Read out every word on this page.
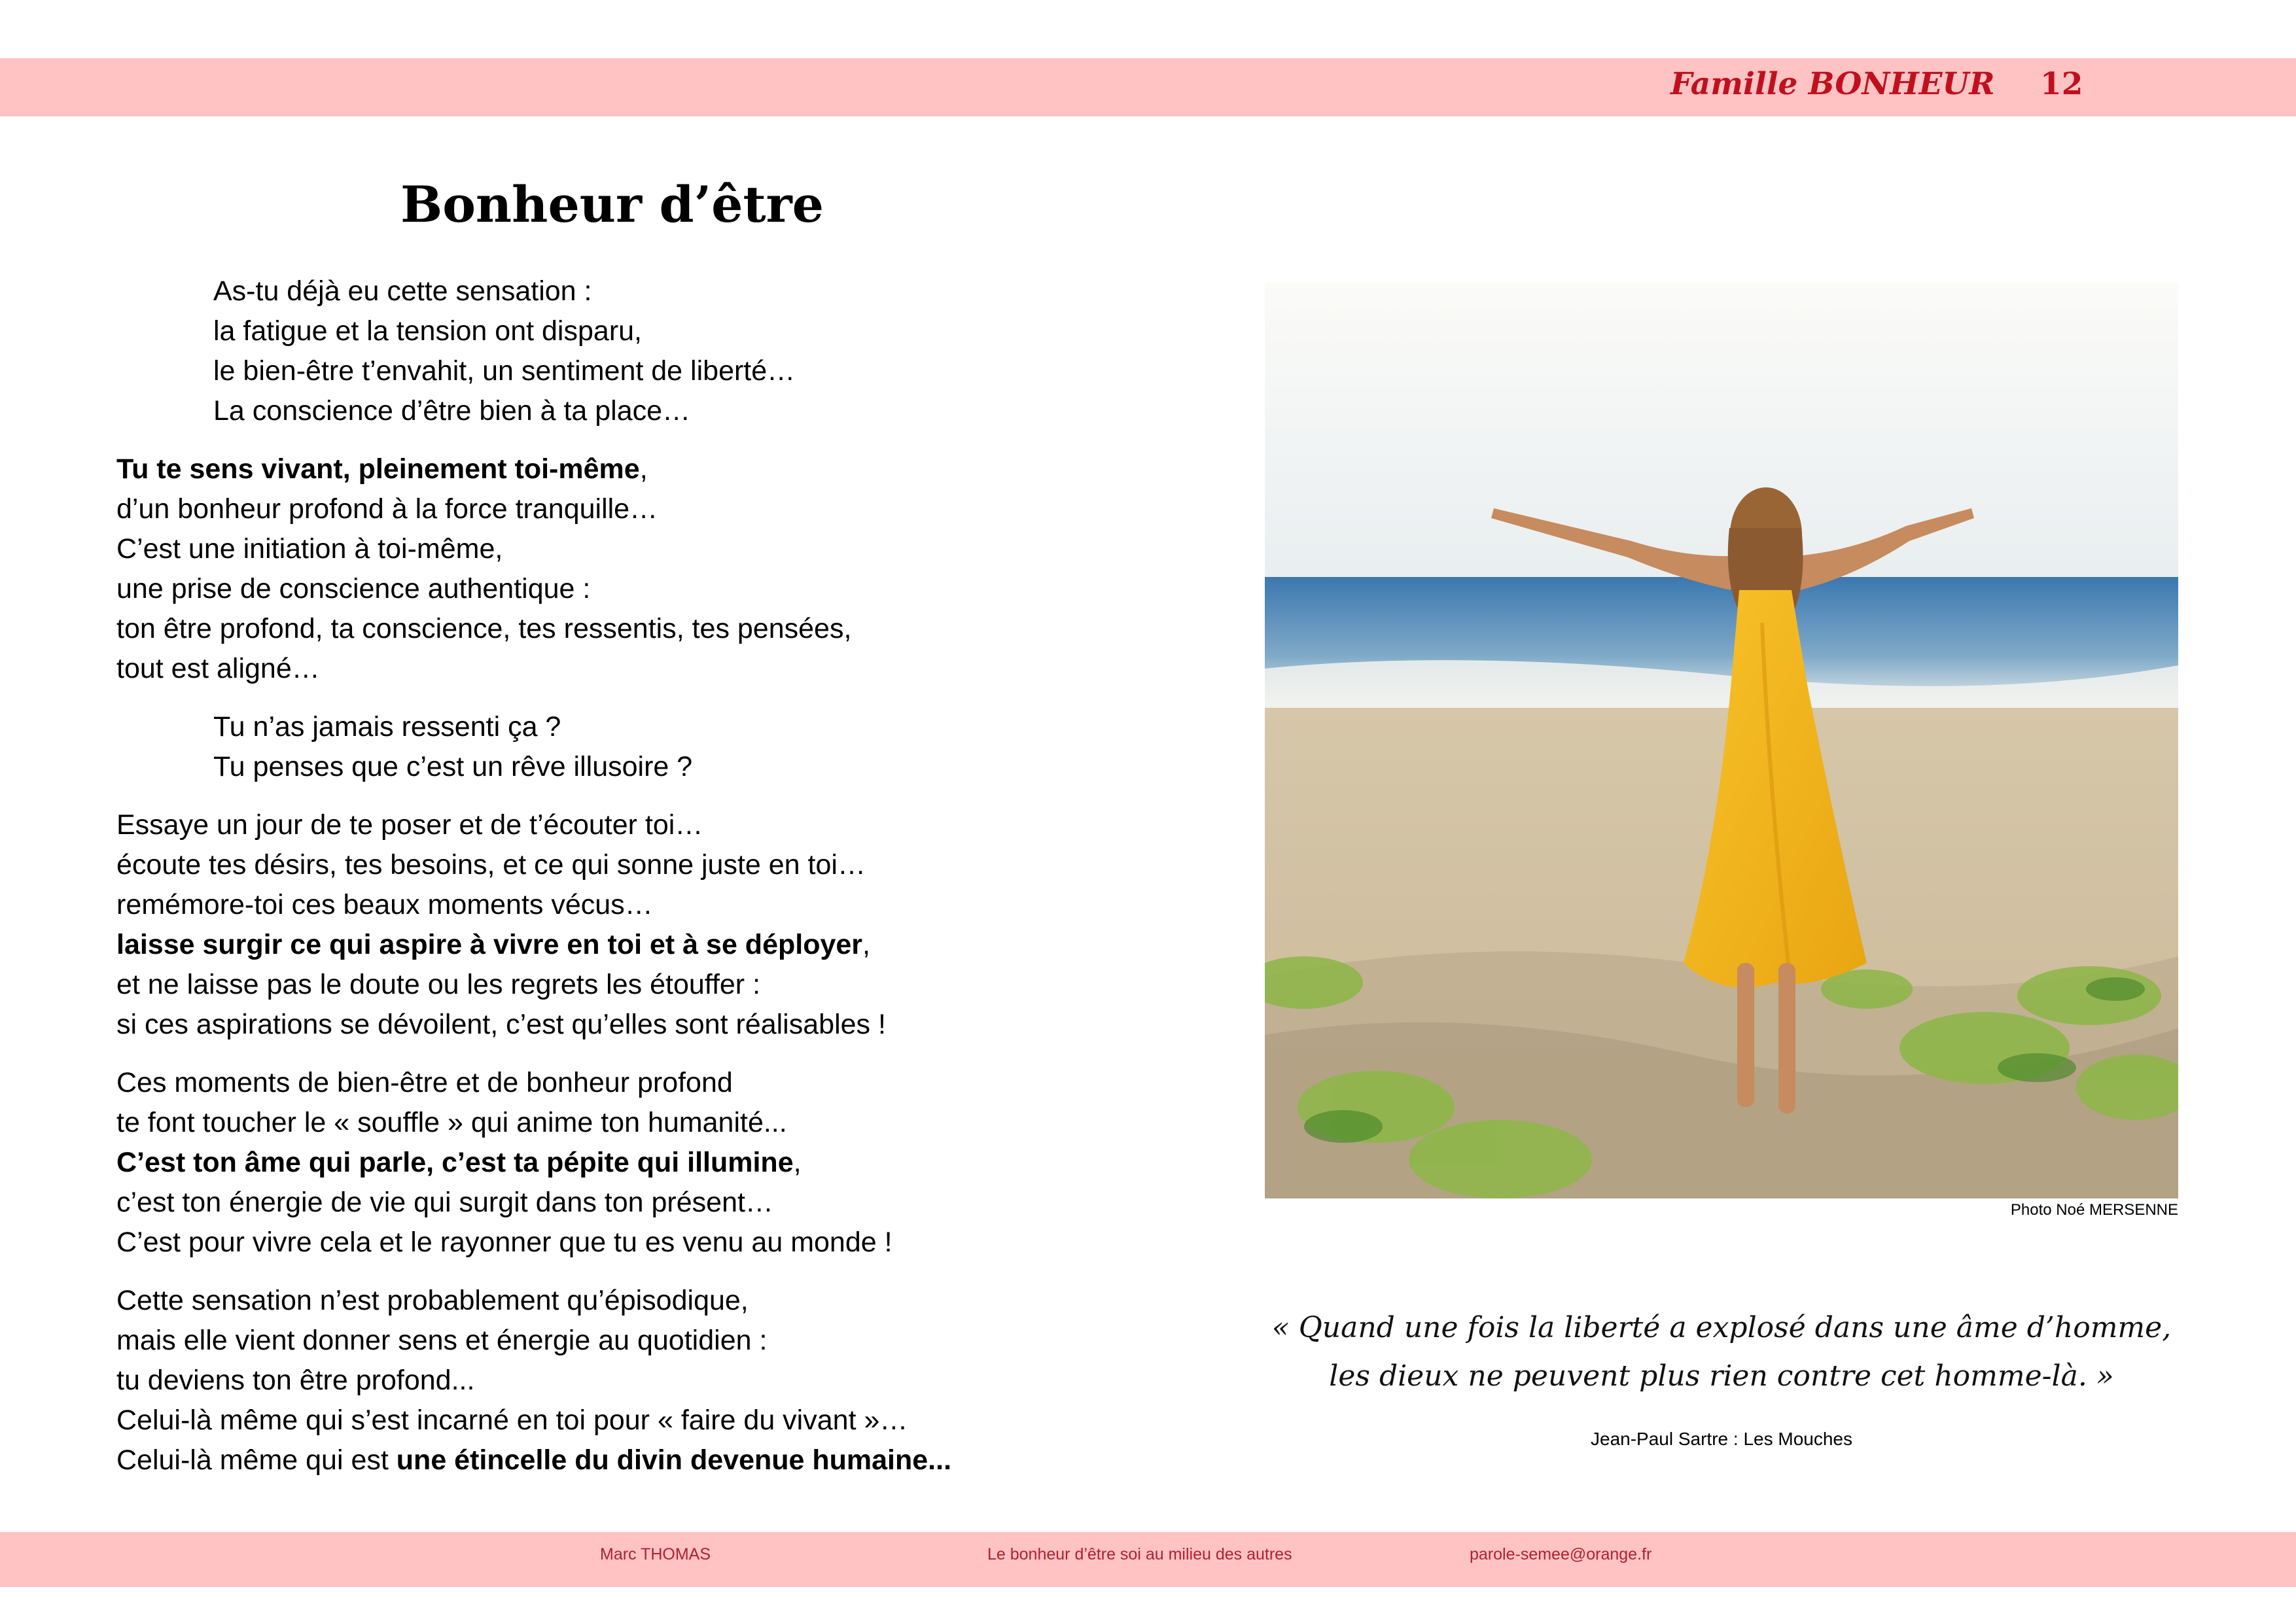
Famille BONHEUR 12
Bonheur d’être
As-tu déjà eu cette sensation :
la fatigue et la tension ont disparu,
le bien-être t’envahit, un sentiment de liberté…
La conscience d’être bien à ta place…
Tu te sens vivant, pleinement toi-même,
d’un bonheur profond à la force tranquille…
C’est une initiation à toi-même,
une prise de conscience authentique :
ton être profond, ta conscience, tes ressentis, tes pensées,
tout est aligné…
Tu n’as jamais ressenti ça ?
Tu penses que c’est un rêve illusoire ?
Essaye un jour de te poser et de t’écouter toi…
écoute tes désirs, tes besoins, et ce qui sonne juste en toi…
remémore-toi ces beaux moments vécus…
laisse surgir ce qui aspire à vivre en toi et à se déployer,
et ne laisse pas le doute ou les regrets les étouffer :
si ces aspirations se dévoilent, c’est qu’elles sont réalisables !
Ces moments de bien-être et de bonheur profond
te font toucher le « souffle » qui anime ton humanité...
C’est ton âme qui parle, c’est ta pépite qui illumine,
c’est ton énergie de vie qui surgit dans ton présent…
C’est pour vivre cela et le rayonner que tu es venu au monde !
Cette sensation n’est probablement qu’épisodique,
mais elle vient donner sens et énergie au quotidien :
tu deviens ton être profond...
Celui-là même qui s’est incarné en toi pour « faire du vivant »…
Celui-là même qui est une étincelle du divin devenue humaine...
Photo Noé MERSENNE
« Quand une fois la liberté a explosé dans une âme d’homme,
les dieux ne peuvent plus rien contre cet homme-là. »
Jean-Paul Sartre : Les Mouches
Marc THOMAS	Le bonheur d’être soi au milieu des autres	parole-semee@orange.fr
